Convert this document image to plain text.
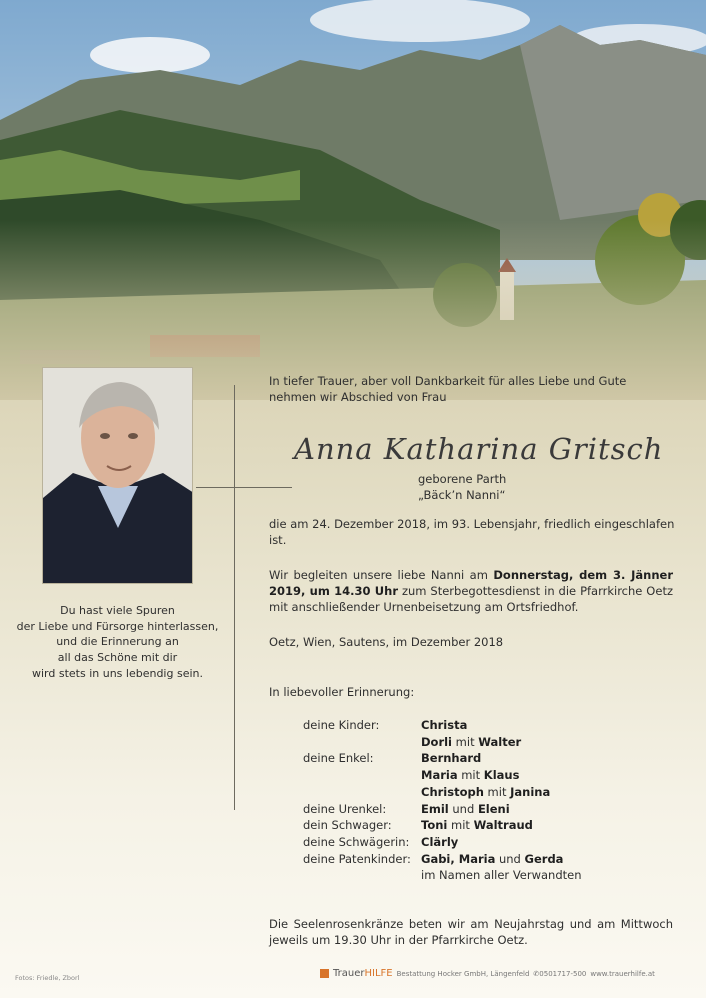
In tiefer Trauer, aber voll Dankbarkeit für alles Liebe und Gute nehmen wir Abschied von Frau
Anna Katharina Gritsch
geborene Parth
„Bäck’n Nanni“
die am 24. Dezember 2018, im 93. Lebensjahr, friedlich eingeschlafen ist.
Wir begleiten unsere liebe Nanni am Donnerstag, dem 3. Jänner 2019, um 14.30 Uhr zum Sterbegottesdienst in die Pfarrkirche Oetz mit anschließender Urnenbeisetzung am Ortsfriedhof.
Oetz, Wien, Sautens, im Dezember 2018
In liebevoller Erinnerung:
Du hast viele Spuren
der Liebe und Fürsorge hinterlassen,
und die Erinnerung an
all das Schöne mit dir
wird stets in uns lebendig sein.
deine Kinder:	Christa
Dorli mit Walter
deine Enkel:	Bernhard
Maria mit Klaus
Christoph mit Janina
deine Urenkel:	Emil und Eleni
dein Schwager:	Toni mit Waltraud
deine Schwägerin:	Clärly
deine Patenkinder: Gabi, Maria und Gerda
im Namen aller Verwandten
Die Seelenrosenkränze beten wir am Neujahrstag und am Mittwoch jeweils um 19.30 Uhr in der Pfarrkirche Oetz.
Fotos: Friedle, Zborl	TrauerHILFE Bestattung Hocker GmbH, Längenfeld ✆0501717-500 www.trauerhilfe.at
